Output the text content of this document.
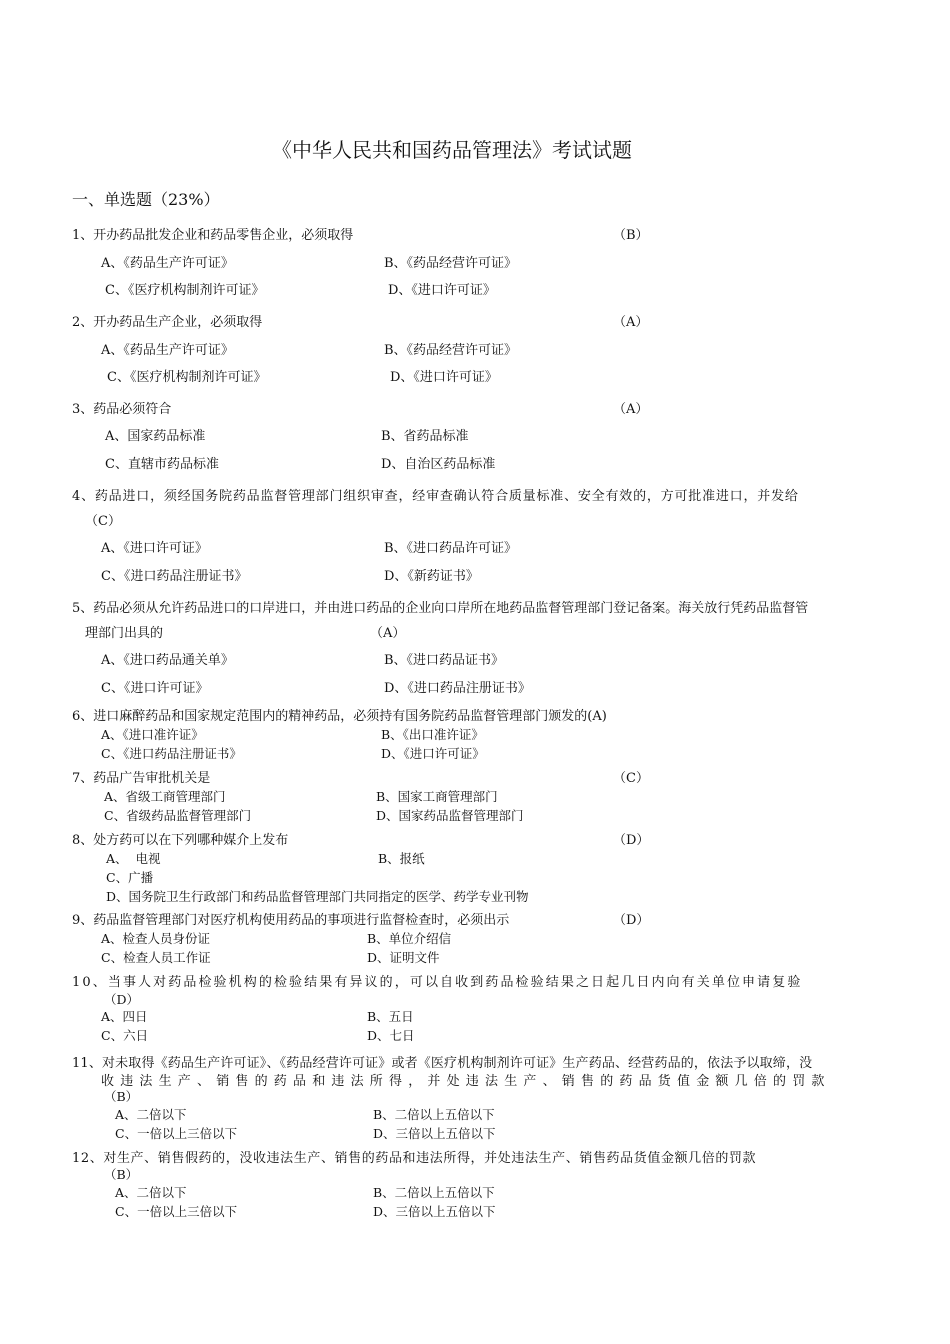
《中华人民共和国药品管理法》考试试题
一、单选题（23%）
1、开办药品批发企业和药品零售企业，必须取得	（B）
A、《药品生产许可证》	B、《药品经营许可证》
C、《医疗机构制剂许可证》	D、《进口许可证》
2、开办药品生产企业，必须取得	（A）
A、《药品生产许可证》	B、《药品经营许可证》
C、《医疗机构制剂许可证》	D、《进口许可证》
3、药品必须符合	（A）
A、国家药品标准	B、省药品标准
C、直辖市药品标准	D、自治区药品标准
4、药品进口，须经国务院药品监督管理部门组织审查，经审查确认符合质量标准、安全有效的，方可批准进口，并发给
（C）
A、《进口许可证》	B、《进口药品许可证》
C、《进口药品注册证书》	D、《新药证书》
5、药品必须从允许药品进口的口岸进口，并由进口药品的企业向口岸所在地药品监督管理部门登记备案。海关放行凭药品监督管
理部门出具的	（A）
A、《进口药品通关单》	B、《进口药品证书》
C、《进口许可证》	D、《进口药品注册证书》
6、进口麻醉药品和国家规定范围内的精神药品，必须持有国务院药品监督管理部门颁发的(A)
A、《进口准许证》	B、《出口准许证》
C、《进口药品注册证书》	D、《进口许可证》
7、药品广告审批机关是	（C）
A、省级工商管理部门	B、国家工商管理部门
C、省级药品监督管理部门	D、国家药品监督管理部门
8、处方药可以在下列哪种媒介上发布	（D）
A、  电视	B、报纸
C、广播
D、国务院卫生行政部门和药品监督管理部门共同指定的医学、药学专业刊物
9、药品监督管理部门对医疗机构使用药品的事项进行监督检查时，必须出示	（D）
A、检查人员身份证	B、单位介绍信
C、检查人员工作证	D、证明文件
10、当事人对药品检验机构的检验结果有异议的，可以自收到药品检验结果之日起几日内向有关单位申请复验
（D）
A、四日	B、五日
C、六日	D、七日
11、对未取得《药品生产许可证》、《药品经营许可证》或者《医疗机构制剂许可证》生产药品、经营药品的，依法予以取缔，没
收违法生产、销售的药品和违法所得，并处违法生产、销售的药品货值金额几倍的罚款
（B）
A、二倍以下	B、二倍以上五倍以下
C、一倍以上三倍以下	D、三倍以上五倍以下
12、对生产、销售假药的，没收违法生产、销售的药品和违法所得，并处违法生产、销售药品货值金额几倍的罚款
（B）
A、二倍以下	B、二倍以上五倍以下
C、一倍以上三倍以下	D、三倍以上五倍以下
